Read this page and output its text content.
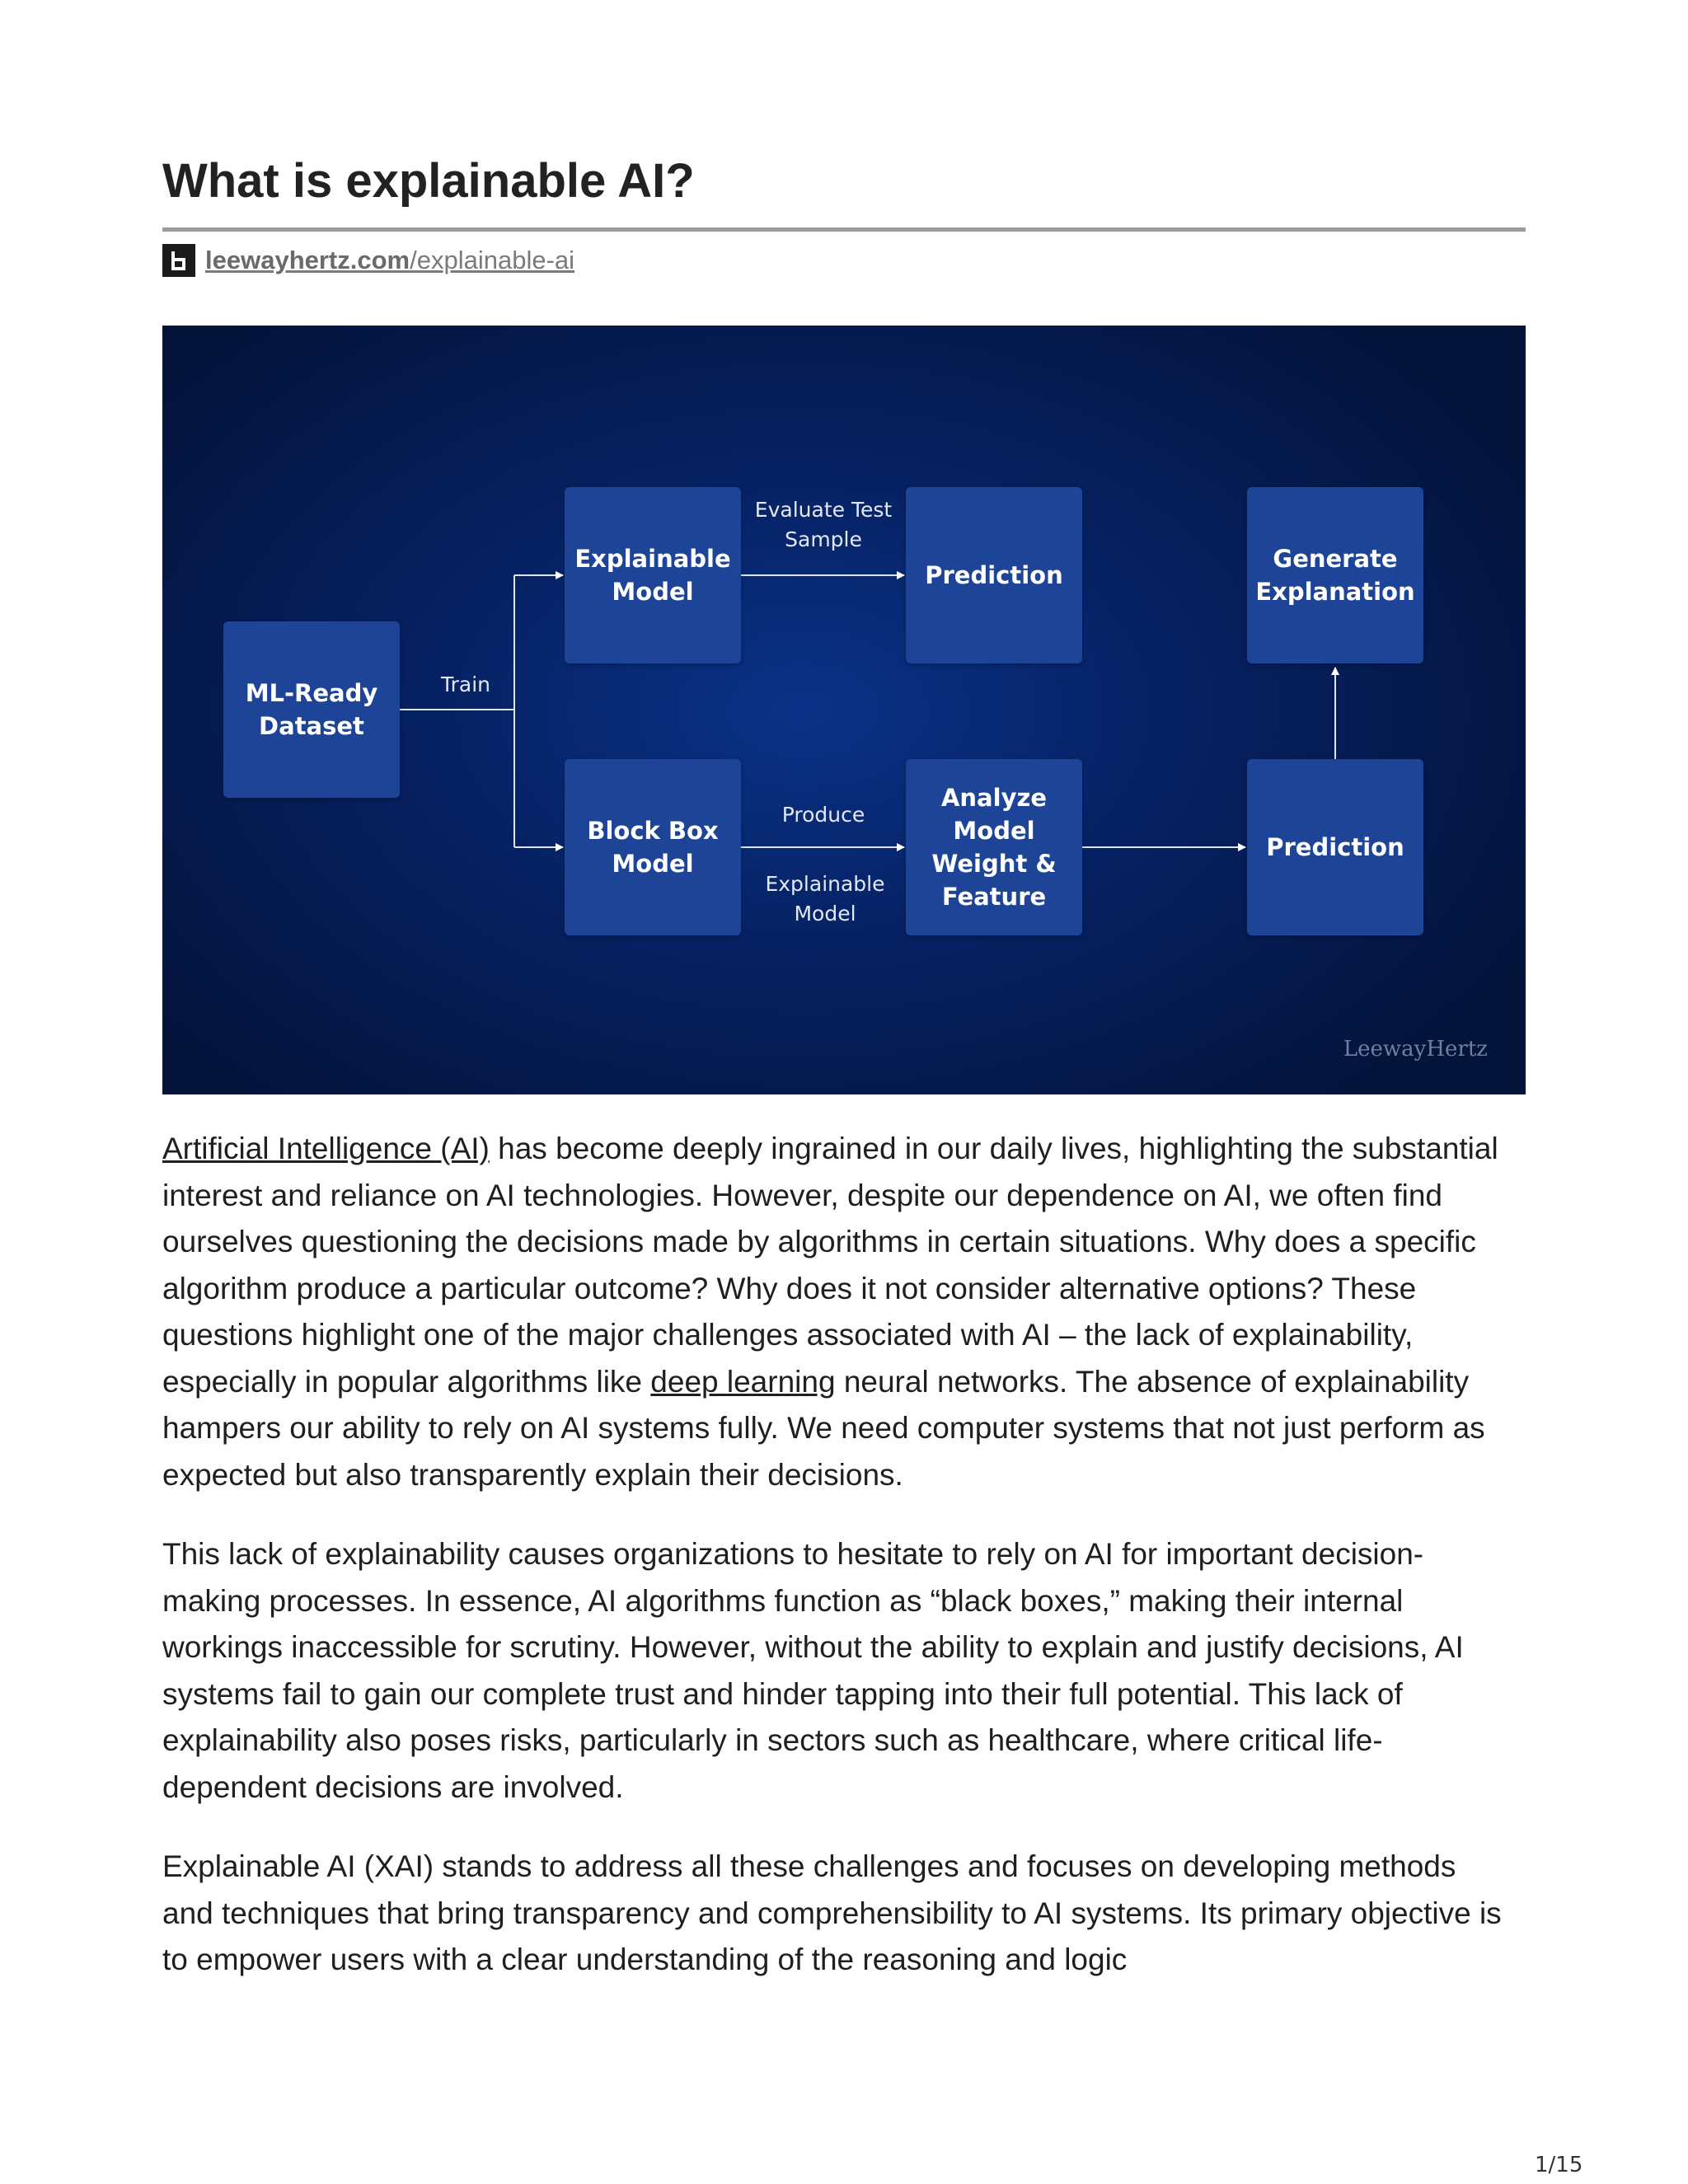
What is explainable AI?
leewayhertz.com/explainable-ai
ML-Ready
Dataset
Explainable
Model
Prediction
Generate
Explanation
Block Box
Model
Analyze
Model
Weight &
Feature
Prediction
Train
Evaluate Test
Sample
Produce
Explainable
Model
LeewayHertz

Artificial Intelligence (AI) has become deeply ingrained in our daily lives, highlighting the substantial interest and reliance on AI technologies. However, despite our dependence on AI, we often find ourselves questioning the decisions made by algorithms in certain situations. Why does a specific algorithm produce a particular outcome? Why does it not consider alternative options? These questions highlight one of the major challenges associated with AI – the lack of explainability, especially in popular algorithms like deep learning neural networks. The absence of explainability hampers our ability to rely on AI systems fully. We need computer systems that not just perform as expected but also transparently explain their decisions.

This lack of explainability causes organizations to hesitate to rely on AI for important decision-making processes. In essence, AI algorithms function as “black boxes,” making their internal workings inaccessible for scrutiny. However, without the ability to explain and justify decisions, AI systems fail to gain our complete trust and hinder tapping into their full potential. This lack of explainability also poses risks, particularly in sectors such as healthcare, where critical life-dependent decisions are involved.

Explainable AI (XAI) stands to address all these challenges and focuses on developing methods and techniques that bring transparency and comprehensibility to AI systems. Its primary objective is to empower users with a clear understanding of the reasoning and logic

1/15
